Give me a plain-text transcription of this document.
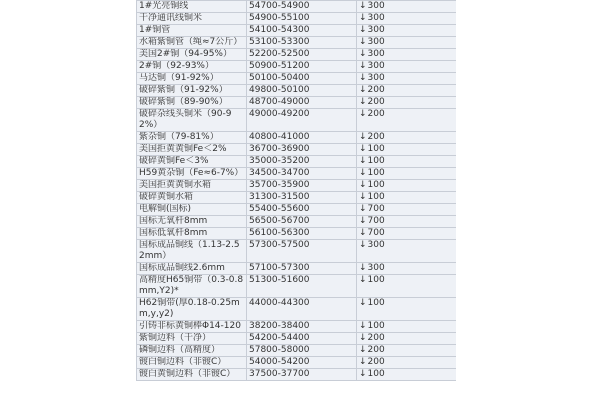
1#光亮铜线	54700-54900	↓300
干净通讯线铜米	54900-55100	↓300
1#铜管	54100-54300	↓300
水箱紫铜管（绳≈7公斤）	53100-53300	↓300
美国2#铜（94-95%）	52200-52500	↓300
2#铜（92-93%）	50900-51200	↓300
马达铜（91-92%）	50100-50400	↓300
破碎紫铜（91-92%）	49800-50100	↓200
破碎紫铜（89-90%）	48700-49000	↓200
破碎杂线头铜米（90-92%）	49000-49200	↓200
紫杂铜（79-81%）	40800-41000	↓200
美国拒黄黄铜Fe＜2%	36700-36900	↓100
破碎黄铜Fe＜3%	35000-35200	↓100
H59黄杂铜（Fe≈6-7%）	34500-34700	↓100
美国拒黄黄铜水箱	35700-35900	↓100
破碎黄铜水箱	31300-31500	↓100
电解铜(国标)	55400-55600	↓700
国标无氧杆8mm	56500-56700	↓700
国标低氧杆8mm	56100-56300	↓700
国标成品铜线（1.13-2.52mm）	57300-57500	↓300
国标成品铜线2.6mm	57100-57300	↓300
高精度H65铜带（0.3-0.8mm,Y2)*	51300-51600	↓100
H62铜带(厚0.18-0.25mm,y,y2)	44000-44300	↓100
引铸非标黄铜棒Φ14-120	38200-38400	↓100
紫铜边料（干净）	54200-54400	↓200
磷铜边料（高精度）	57800-58000	↓200
镀白铜边料（非镀C）	54000-54200	↓200
镀白黄铜边料（非镀C）	37500-37700	↓100
